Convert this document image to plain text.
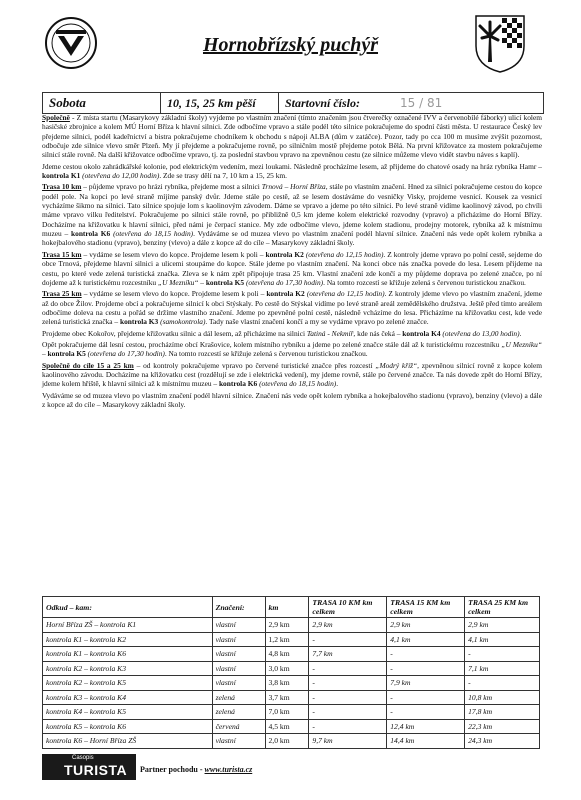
Hornobřízský puchýř
Sobota	10, 15, 25 km pěší	Startovní číslo:	15 / 81

Společně - Z místa startu (Masarykovy základní školy) vyjdeme po vlastním značení (tímto značením jsou čtverečky označené IVV a červenobílé fáborky) ulicí kolem hasičské zbrojnice a kolem MÚ Horní Bříza k hlavní silnici. Zde odbočíme vpravo a stále podél této silnice pokračujeme do spodní části města. U restaurace Český lev přejdeme silnici, podél kadeřnictví a bistra pokračujeme chodníkem k obchodu s nápoji ALBA (dům v zatáčce). Pozor, tady po cca 100 m musíme zvýšit pozornost, odbočuje zde silnice vlevo směr Plzeň. My jí přejdeme a pokračujeme rovně, po silničním mostě přejdeme potok Bělá. Na první křižovatce za mostem pokračujeme silnicí stále rovně. Na další křižovatce odbočíme vpravo, tj. za poslední stavbou vpravo na zpevněnou cestu (ze silnice můžeme vlevo vidět stavbu náves s kaplí).

Jdeme cestou okolo zahrádkářské kolonie, pod elektrickým vedením, mezi loukami. Následně procházíme lesem, až přijdeme do chatové osady na hráz rybníka Hamr – kontrola K1 (otevřena do 12,00 hodin). Zde se trasy dělí na 7, 10 km a 15, 25 km.

Trasa 10 km – půjdeme vpravo po hrázi rybníka, přejdeme most a silnici Trnová – Horní Bříza, stále po vlastním značení. Hned za silnicí pokračujeme cestou do kopce podél pole. Na kopci po levé straně míjíme panský dvůr. Jdeme stále po cestě, až se lesem dostáváme do vesničky Visky, projdeme vesnicí. Kousek za vesnicí vycházíme šikmo na silnici. Tato silnice spojuje lom s kaolinovým závodem. Dáme se vpravo a jdeme po této silnici. Po levé straně vidíme kaolinový závod, po chvíli máme vpravo vilku ředitelství. Pokračujeme po silnici stále rovně, po přibližně 0,5 km jdeme kolem elektrické rozvodny (vpravo) a přicházíme do Horní Břízy. Docházíme na křižovatku k hlavní silnici, před námi je čerpací stanice. My zde odbočíme vlevo, jdeme kolem stadionu, prodejny motorek, rybníka až k místnímu muzeu – kontrola K6 (otevřena do 18,15 hodin). Vydáváme se od muzea vlevo po vlastním značení podél hlavní silnice. Značení nás vede opět kolem rybníka a hokejbalového stadionu (vpravo), benziny (vlevo) a dále z kopce až do cíle – Masarykovy základní školy.

Trasa 15 km – vydáme se lesem vlevo do kopce. Projdeme lesem k poli – kontrola K2 (otevřena do 12,15 hodin). Z kontroly jdeme vpravo po polní cestě, sejdeme do obce Trnová, přejdeme hlavní silnici a ulicemi stoupáme do kopce. Stále jdeme po vlastním značení. Na konci obce nás značka povede do lesa. Lesem přijdeme na cestu, po které vede zelená turistická značka. Zleva se k nám zpět připojuje trasa 25 km. Vlastní značení zde končí a my půjdeme doprava po zelené značce, po ní dojdeme až k turistickému rozcestníku „U Mezníku“ – kontrola K5 (otevřena do 17,30 hodin). Na tomto rozcestí se křižuje zelená s červenou turistickou značkou.

Trasa 25 km – vydáme se lesem vlevo do kopce. Projdeme lesem k poli – kontrola K2 (otevřena do 12,15 hodin). Z kontroly jdeme vlevo po vlastním značení, jdeme až do obce Žilov. Projdeme obcí a pokračujeme silnicí k obci Stýskaly. Po cestě do Stýskal vidíme po levé straně areál zemědělského družstva. Ještě před tímto areálem odbočíme doleva na cestu a pořád se držíme vlastního značení. Jdeme po zpevněné polní cestě, následně vcházíme do lesa. Přicházíme na křižovatku cest, kde vede zelená turistická značka – kontrola K3 (samokontrola). Tady naše vlastní značení končí a my se vydáme vpravo po zelené značce.

Projdeme obec Kokořov, přejdeme křižovatku silnic a dál lesem, až přicházíme na silnici Tatiná - Nekmíř, kde nás čeká – kontrola K4 (otevřena do 13,00 hodin).

Opět pokračujeme dál lesní cestou, procházíme obcí Krašovice, kolem místního rybníku a jdeme po zelené značce stále dál až k turistickému rozcestníku „U Mezníku“ – kontrola K5 (otevřena do 17,30 hodin). Na tomto rozcestí se křižuje zelená s červenou turistickou značkou.

Společně do cíle 15 a 25 km – od kontroly pokračujeme vpravo po červené turistické značce přes rozcestí „Modrý kříž“, zpevněnou silnicí rovně z kopce kolem kaolinového závodu. Docházíme na křižovatku cest (rozdělují se zde i elektrická vedení), my jdeme rovně, stále po červené značce. Ta nás dovede zpět do Horní Břízy, jdeme kolem hřiště, k hlavní silnici až k místnímu muzeu – kontrola K6 (otevřena do 18,15 hodin).

Vydáváme se od muzea vlevo po vlastním značení podél hlavní silnice. Značení nás vede opět kolem rybníka a hokejbalového stadionu (vpravo), benziny (vlevo) a dále z kopce až do cíle – Masarykovy základní školy.

Odkud – kam:	Značení:	km	TRASA 10 KM km celkem	TRASA 15 KM km celkem	TRASA 25 KM km celkem
Horní Bříza ZŠ – kontrola K1	vlastní	2,9 km	2,9 km	2,9 km	2,9 km
kontrola K1 – kontrola K2	vlastní	1,2 km	-	4,1 km	4,1 km
kontrola K1 – kontrola K6	vlastní	4,8 km	7,7 km	-	-
kontrola K2 – kontrola K3	vlastní	3,0 km	-	-	7,1 km
kontrola K2 – kontrola K5	vlastní	3,8 km	-	7,9 km	-
kontrola K3 – kontrola K4	zelená	3,7 km	-	-	10,8 km
kontrola K4 – kontrola K5	zelená	7,0 km	-	-	17,8 km
kontrola K5 – kontrola K6	červená	4,5 km	-	12,4 km	22,3 km
kontrola K6 – Horní Bříza ZŠ	vlastní	2,0 km	9,7 km	14,4 km	24,3 km
Časopis
TURISTA Partner pochodu - www.turista.cz
